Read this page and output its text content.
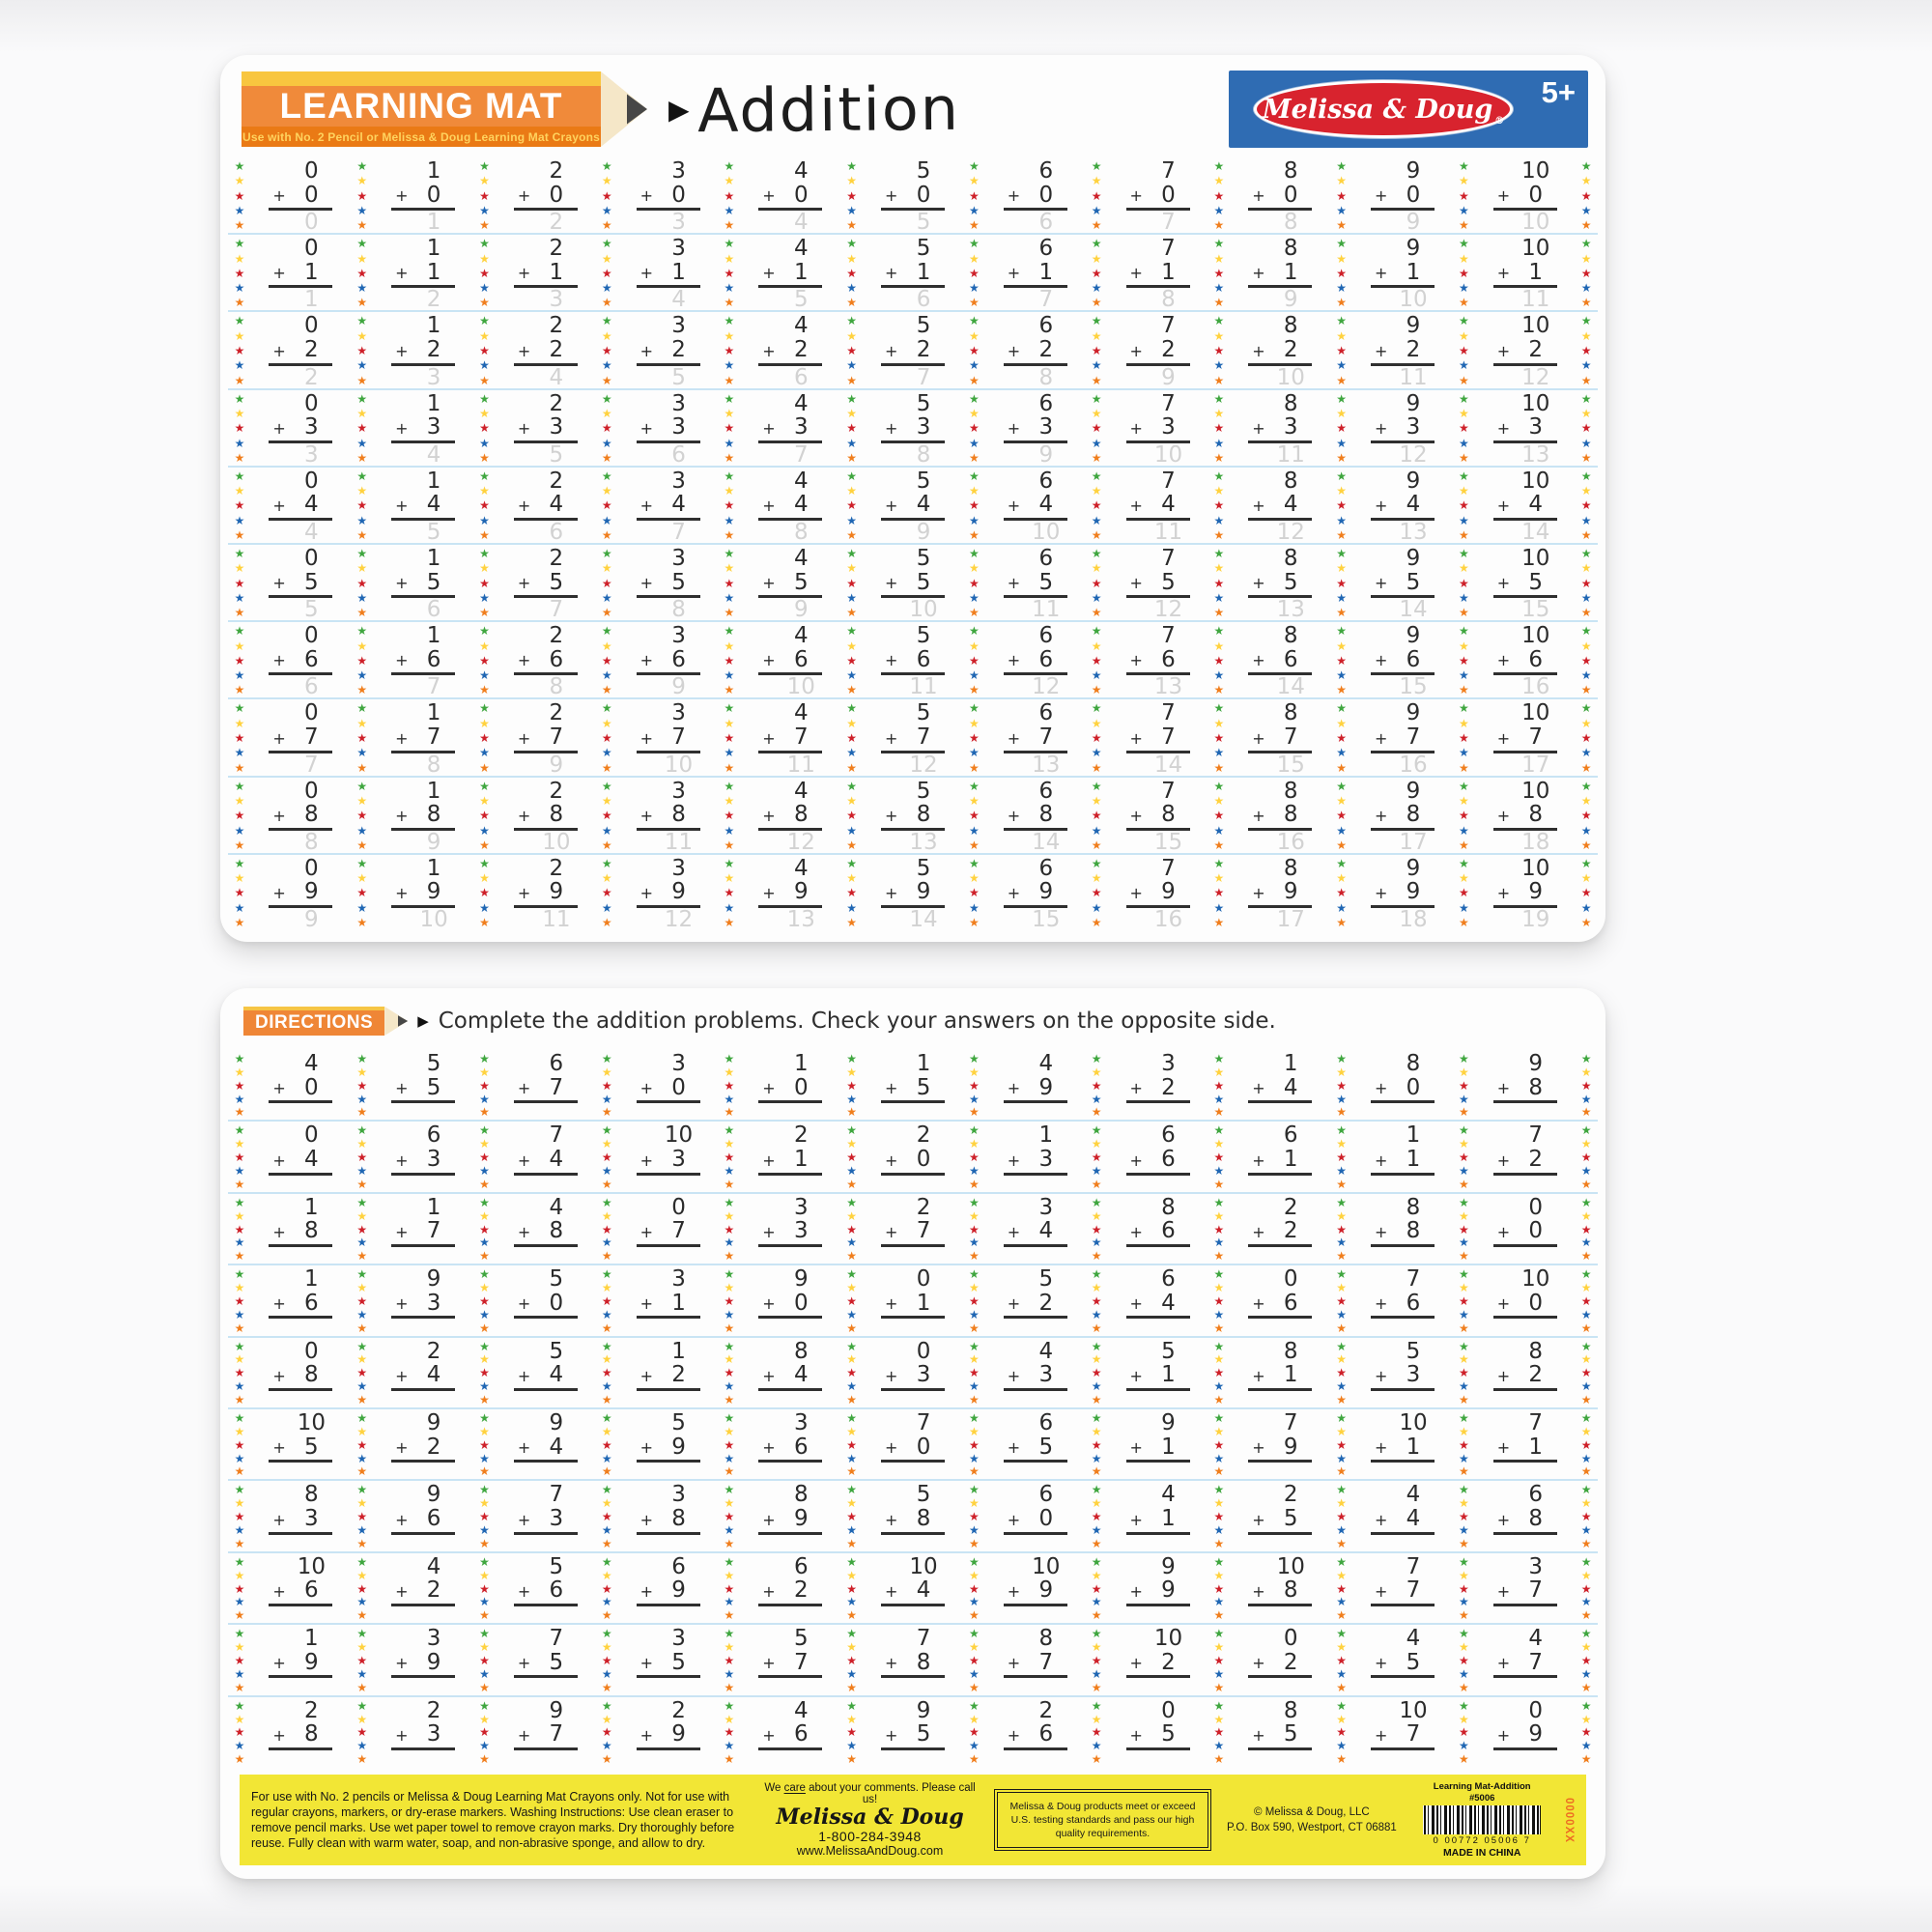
LEARNING MAT
Use with No. 2 Pencil or Melissa & Doug Learning Mat Crayons
▶ Addition	Melissa & Doug ®
5+
★
★
★
★
★
0
+ 0
0
★
★
★
★
★
1
+ 0
1
★
★
★
★
★
2
+ 0
2
★
★
★
★
★
3
+ 0
3
★
★
★
★
★
4
+ 0
4
★
★
★
★
★
5
+ 0
5
★
★
★
★
★
6
+ 0
6
★
★
★
★
★
7
+ 0
7
★
★
★
★
★
8
+ 0
8
★
★
★
★
★
9
+ 0
9
★
★
★
★
★
10
+ 0
10
★
★
★
★
★
★
★
★
★
★
0
+ 1
1
★
★
★
★
★
1
+ 1
2
★
★
★
★
★
2
+ 1
3
★
★
★
★
★
3
+ 1
4
★
★
★
★
★
4
+ 1
5
★
★
★
★
★
5
+ 1
6
★
★
★
★
★
6
+ 1
7
★
★
★
★
★
7
+ 1
8
★
★
★
★
★
8
+ 1
9
★
★
★
★
★
9
+ 1
10
★
★
★
★
★
10
+ 1
11
★
★
★
★
★
★
★
★
★
★
0
+ 2
2
★
★
★
★
★
1
+ 2
3
★
★
★
★
★
2
+ 2
4
★
★
★
★
★
3
+ 2
5
★
★
★
★
★
4
+ 2
6
★
★
★
★
★
5
+ 2
7
★
★
★
★
★
6
+ 2
8
★
★
★
★
★
7
+ 2
9
★
★
★
★
★
8
+ 2
10
★
★
★
★
★
9
+ 2
11
★
★
★
★
★
10
+ 2
12
★
★
★
★
★
★
★
★
★
★
0
+ 3
3
★
★
★
★
★
1
+ 3
4
★
★
★
★
★
2
+ 3
5
★
★
★
★
★
3
+ 3
6
★
★
★
★
★
4
+ 3
7
★
★
★
★
★
5
+ 3
8
★
★
★
★
★
6
+ 3
9
★
★
★
★
★
7
+ 3
10
★
★
★
★
★
8
+ 3
11
★
★
★
★
★
9
+ 3
12
★
★
★
★
★
10
+ 3
13
★
★
★
★
★
★
★
★
★
★
0
+ 4
4
★
★
★
★
★
1
+ 4
5
★
★
★
★
★
2
+ 4
6
★
★
★
★
★
3
+ 4
7
★
★
★
★
★
4
+ 4
8
★
★
★
★
★
5
+ 4
9
★
★
★
★
★
6
+ 4
10
★
★
★
★
★
7
+ 4
11
★
★
★
★
★
8
+ 4
12
★
★
★
★
★
9
+ 4
13
★
★
★
★
★
10
+ 4
14
★
★
★
★
★
★
★
★
★
★
0
+ 5
5
★
★
★
★
★
1
+ 5
6
★
★
★
★
★
2
+ 5
7
★
★
★
★
★
3
+ 5
8
★
★
★
★
★
4
+ 5
9
★
★
★
★
★
5
+ 5
10
★
★
★
★
★
6
+ 5
11
★
★
★
★
★
7
+ 5
12
★
★
★
★
★
8
+ 5
13
★
★
★
★
★
9
+ 5
14
★
★
★
★
★
10
+ 5
15
★
★
★
★
★
★
★
★
★
★
0
+ 6
6
★
★
★
★
★
1
+ 6
7
★
★
★
★
★
2
+ 6
8
★
★
★
★
★
3
+ 6
9
★
★
★
★
★
4
+ 6
10
★
★
★
★
★
5
+ 6
11
★
★
★
★
★
6
+ 6
12
★
★
★
★
★
7
+ 6
13
★
★
★
★
★
8
+ 6
14
★
★
★
★
★
9
+ 6
15
★
★
★
★
★
10
+ 6
16
★
★
★
★
★
★
★
★
★
★
0
+ 7
7
★
★
★
★
★
1
+ 7
8
★
★
★
★
★
2
+ 7
9
★
★
★
★
★
3
+ 7
10
★
★
★
★
★
4
+ 7
11
★
★
★
★
★
5
+ 7
12
★
★
★
★
★
6
+ 7
13
★
★
★
★
★
7
+ 7
14
★
★
★
★
★
8
+ 7
15
★
★
★
★
★
9
+ 7
16
★
★
★
★
★
10
+ 7
17
★
★
★
★
★
★
★
★
★
★
0
+ 8
8
★
★
★
★
★
1
+ 8
9
★
★
★
★
★
2
+ 8
10
★
★
★
★
★
3
+ 8
11
★
★
★
★
★
4
+ 8
12
★
★
★
★
★
5
+ 8
13
★
★
★
★
★
6
+ 8
14
★
★
★
★
★
7
+ 8
15
★
★
★
★
★
8
+ 8
16
★
★
★
★
★
9
+ 8
17
★
★
★
★
★
10
+ 8
18
★
★
★
★
★
★
★
★
★
★
0
+ 9
9
★
★
★
★
★
1
+ 9
10
★
★
★
★
★
2
+ 9
11
★
★
★
★
★
3
+ 9
12
★
★
★
★
★
4
+ 9
13
★
★
★
★
★
5
+ 9
14
★
★
★
★
★
6
+ 9
15
★
★
★
★
★
7
+ 9
16
★
★
★
★
★
8
+ 9
17
★
★
★
★
★
9
+ 9
18
★
★
★
★
★
10
+ 9
19
★
★
★
★
★
DIRECTIONS	▶ Complete the addition problems. Check your answers on the opposite side.
★
★
★
★
★
4
+ 0

★
★
★
★
★
5
+ 5

★
★
★
★
★
6
+ 7

★
★
★
★
★
3
+ 0

★
★
★
★
★
1
+ 0

★
★
★
★
★
1
+ 5

★
★
★
★
★
4
+ 9

★
★
★
★
★
3
+ 2

★
★
★
★
★
1
+ 4

★
★
★
★
★
8
+ 0

★
★
★
★
★
9
+ 8

★
★
★
★
★
★
★
★
★
★
0
+ 4

★
★
★
★
★
6
+ 3

★
★
★
★
★
7
+ 4

★
★
★
★
★
10
+ 3

★
★
★
★
★
2
+ 1

★
★
★
★
★
2
+ 0

★
★
★
★
★
1
+ 3

★
★
★
★
★
6
+ 6

★
★
★
★
★
6
+ 1

★
★
★
★
★
1
+ 1

★
★
★
★
★
7
+ 2

★
★
★
★
★
★
★
★
★
★
1
+ 8

★
★
★
★
★
1
+ 7

★
★
★
★
★
4
+ 8

★
★
★
★
★
0
+ 7

★
★
★
★
★
3
+ 3

★
★
★
★
★
2
+ 7

★
★
★
★
★
3
+ 4

★
★
★
★
★
8
+ 6

★
★
★
★
★
2
+ 2

★
★
★
★
★
8
+ 8

★
★
★
★
★
0
+ 0

★
★
★
★
★
★
★
★
★
★
1
+ 6

★
★
★
★
★
9
+ 3

★
★
★
★
★
5
+ 0

★
★
★
★
★
3
+ 1

★
★
★
★
★
9
+ 0

★
★
★
★
★
0
+ 1

★
★
★
★
★
5
+ 2

★
★
★
★
★
6
+ 4

★
★
★
★
★
0
+ 6

★
★
★
★
★
7
+ 6

★
★
★
★
★
10
+ 0

★
★
★
★
★
★
★
★
★
★
0
+ 8

★
★
★
★
★
2
+ 4

★
★
★
★
★
5
+ 4

★
★
★
★
★
1
+ 2

★
★
★
★
★
8
+ 4

★
★
★
★
★
0
+ 3

★
★
★
★
★
4
+ 3

★
★
★
★
★
5
+ 1

★
★
★
★
★
8
+ 1

★
★
★
★
★
5
+ 3

★
★
★
★
★
8
+ 2

★
★
★
★
★
★
★
★
★
★
10
+ 5

★
★
★
★
★
9
+ 2

★
★
★
★
★
9
+ 4

★
★
★
★
★
5
+ 9

★
★
★
★
★
3
+ 6

★
★
★
★
★
7
+ 0

★
★
★
★
★
6
+ 5

★
★
★
★
★
9
+ 1

★
★
★
★
★
7
+ 9

★
★
★
★
★
10
+ 1

★
★
★
★
★
7
+ 1

★
★
★
★
★
★
★
★
★
★
8
+ 3

★
★
★
★
★
9
+ 6

★
★
★
★
★
7
+ 3

★
★
★
★
★
3
+ 8

★
★
★
★
★
8
+ 9

★
★
★
★
★
5
+ 8

★
★
★
★
★
6
+ 0

★
★
★
★
★
4
+ 1

★
★
★
★
★
2
+ 5

★
★
★
★
★
4
+ 4

★
★
★
★
★
6
+ 8

★
★
★
★
★
★
★
★
★
★
10
+ 6

★
★
★
★
★
4
+ 2

★
★
★
★
★
5
+ 6

★
★
★
★
★
6
+ 9

★
★
★
★
★
6
+ 2

★
★
★
★
★
10
+ 4

★
★
★
★
★
10
+ 9

★
★
★
★
★
9
+ 9

★
★
★
★
★
10
+ 8

★
★
★
★
★
7
+ 7

★
★
★
★
★
3
+ 7

★
★
★
★
★
★
★
★
★
★
1
+ 9

★
★
★
★
★
3
+ 9

★
★
★
★
★
7
+ 5

★
★
★
★
★
3
+ 5

★
★
★
★
★
5
+ 7

★
★
★
★
★
7
+ 8

★
★
★
★
★
8
+ 7

★
★
★
★
★
10
+ 2

★
★
★
★
★
0
+ 2

★
★
★
★
★
4
+ 5

★
★
★
★
★
4
+ 7

★
★
★
★
★
★
★
★
★
★
2
+ 8

★
★
★
★
★
2
+ 3

★
★
★
★
★
9
+ 7

★
★
★
★
★
2
+ 9

★
★
★
★
★
4
+ 6

★
★
★
★
★
9
+ 5

★
★
★
★
★
2
+ 6

★
★
★
★
★
0
+ 5

★
★
★
★
★
8
+ 5

★
★
★
★
★
10
+ 7

★
★
★
★
★
0
+ 9

★
★
★
★
★
For use with No. 2 pencils or Melissa & Doug Learning Mat Crayons only. Not for use with regular crayons, markers, or dry-erase markers. Washing Instructions: Use clean eraser to remove pencil marks. Use wet paper towel to remove crayon marks. Dry thoroughly before reuse. Fully clean with warm water, soap, and non-abrasive sponge, and allow to dry.
We care about your comments. Please call us!
Melissa & Doug
1-800-284-3948
www.MelissaAndDoug.com
Melissa & Doug products meet or exceed U.S. testing standards and pass our high quality requirements.
© Melissa & Doug, LLC
P.O. Box 590, Westport, CT 06881
Learning Mat-Addition
#5006
0 00772 05006 7
MADE IN CHINA
0000XX
